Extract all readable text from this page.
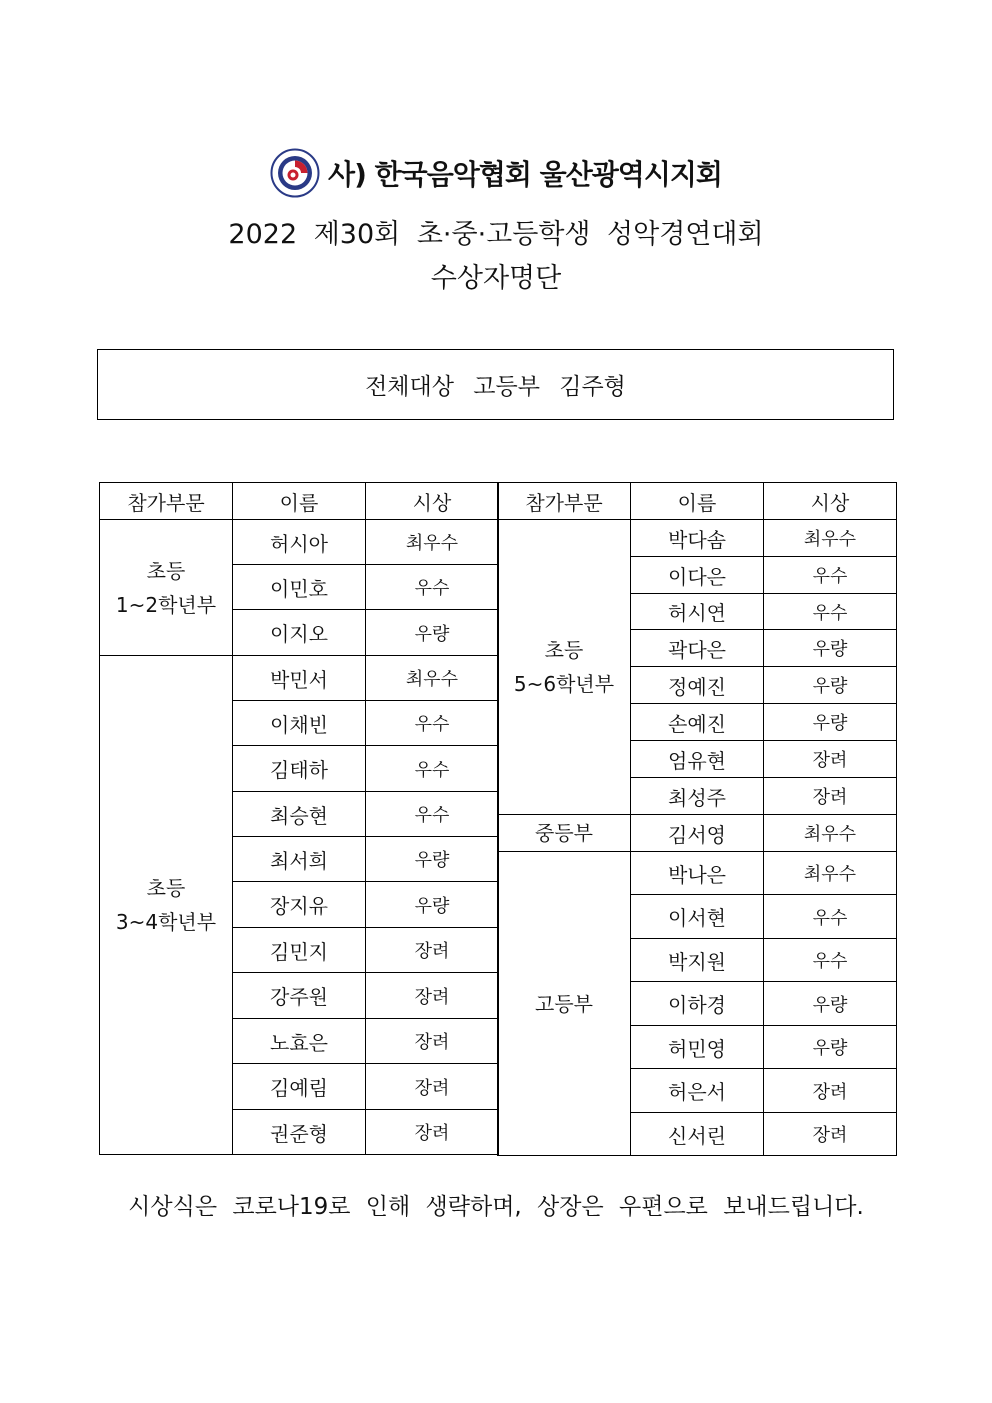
사) 한국음악협회 울산광역시지회
2022 제30회 초·중·고등학생 성악경연대회
수상자명단
전체대상 고등부 김주형
참가부문	이름	시상
초등
1~2학년부	허시아	최우수
	이민호	우수
	이지오	우량
초등
3~4학년부	박민서	최우수
	이채빈	우수
	김태하	우수
	최승현	우수
	최서희	우량
	장지유	우량
	김민지	장려
	강주원	장려
	노효은	장려
	김예림	장려
	권준형	장려
참가부문	이름	시상
초등
5~6학년부	박다솜	최우수
	이다은	우수
	허시연	우수
	곽다은	우량
	정예진	우량
	손예진	우량
	엄유현	장려
	최성주	장려
중등부	김서영	최우수
고등부	박나은	최우수
	이서현	우수
	박지원	우수
	이하경	우량
	허민영	우량
	허은서	장려
	신서린	장려
시상식은 코로나19로 인해 생략하며, 상장은 우편으로 보내드립니다.
